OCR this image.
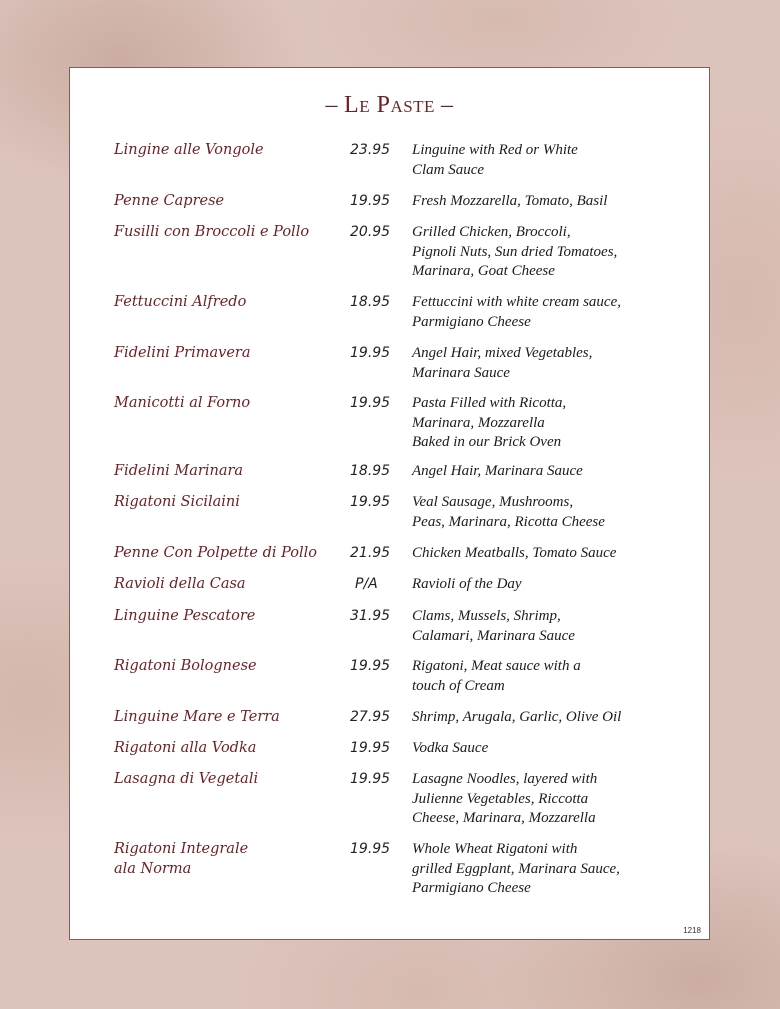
– Le Paste –
Lingine alle Vongole	23.95	Linguine with Red or White
Clam Sauce
Penne Caprese	19.95	Fresh Mozzarella, Tomato, Basil
Fusilli con Broccoli e Pollo	20.95	Grilled Chicken, Broccoli,
Pignoli Nuts, Sun dried Tomatoes,
Marinara, Goat Cheese
Fettuccini Alfredo	18.95	Fettuccini with white cream sauce,
Parmigiano Cheese
Fidelini Primavera	19.95	Angel Hair, mixed Vegetables,
Marinara Sauce
Manicotti al Forno	19.95	Pasta Filled with Ricotta,
Marinara, Mozzarella
Baked in our Brick Oven
Fidelini Marinara	18.95	Angel Hair, Marinara Sauce
Rigatoni Sicilaini	19.95	Veal Sausage, Mushrooms,
Peas, Marinara, Ricotta Cheese
Penne Con Polpette di Pollo	21.95	Chicken Meatballs, Tomato Sauce
Ravioli della Casa	P/A	Ravioli of the Day
Linguine Pescatore	31.95	Clams, Mussels, Shrimp,
Calamari, Marinara Sauce
Rigatoni Bolognese	19.95	Rigatoni, Meat sauce with a
touch of Cream
Linguine Mare e Terra	27.95	Shrimp, Arugala, Garlic, Olive Oil
Rigatoni alla Vodka	19.95	Vodka Sauce
Lasagna di Vegetali	19.95	Lasagne Noodles, layered with
Julienne Vegetables, Riccotta
Cheese, Marinara, Mozzarella
Rigatoni Integrale
ala Norma
19.95	Whole Wheat Rigatoni with
grilled Eggplant, Marinara Sauce,
Parmigiano Cheese
1218
